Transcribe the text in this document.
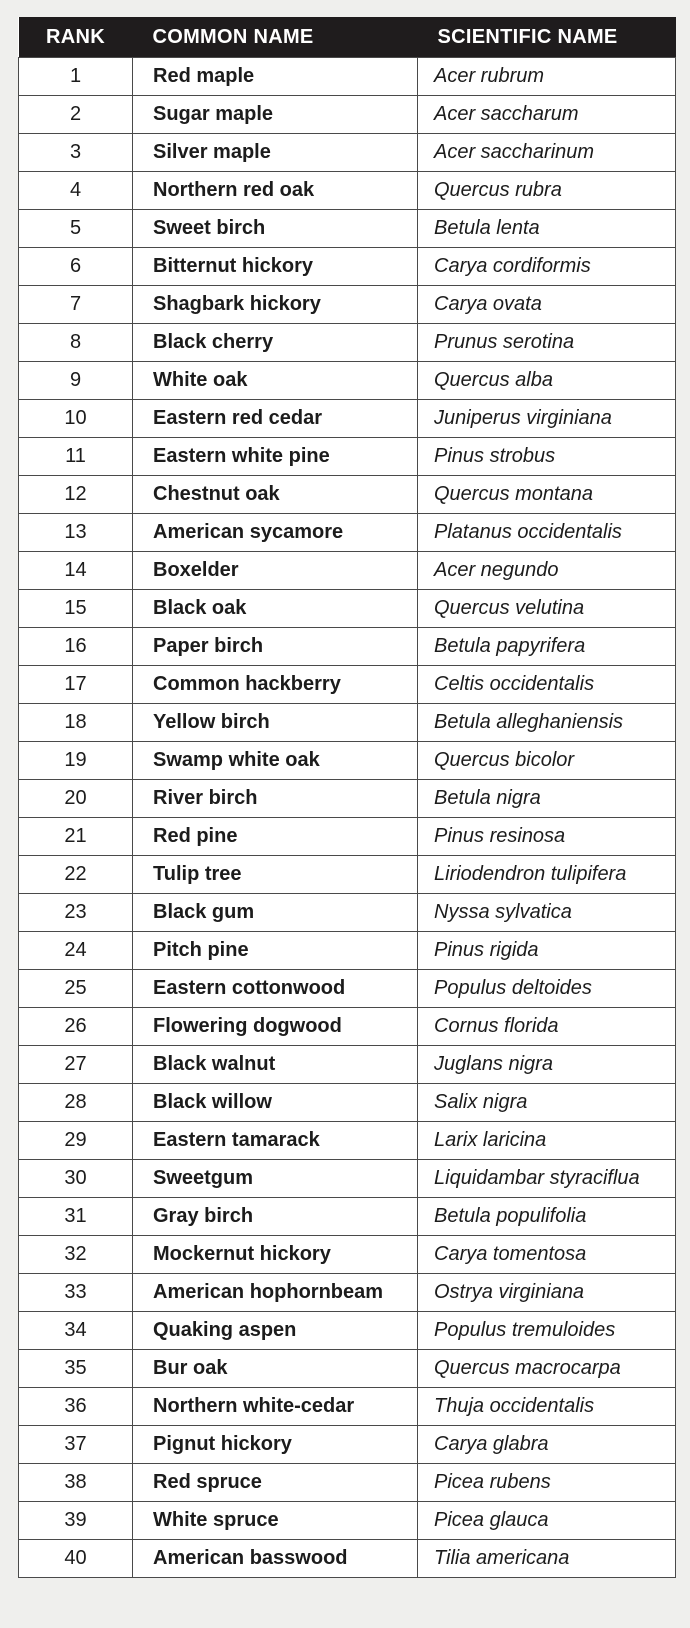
RANK	COMMON NAME	SCIENTIFIC NAME
1	Red maple	Acer rubrum
2	Sugar maple	Acer saccharum
3	Silver maple	Acer saccharinum
4	Northern red oak	Quercus rubra
5	Sweet birch	Betula lenta
6	Bitternut hickory	Carya cordiformis
7	Shagbark hickory	Carya ovata
8	Black cherry	Prunus serotina
9	White oak	Quercus alba
10	Eastern red cedar	Juniperus virginiana
11	Eastern white pine	Pinus strobus
12	Chestnut oak	Quercus montana
13	American sycamore	Platanus occidentalis
14	Boxelder	Acer negundo
15	Black oak	Quercus velutina
16	Paper birch	Betula papyrifera
17	Common hackberry	Celtis occidentalis
18	Yellow birch	Betula alleghaniensis
19	Swamp white oak	Quercus bicolor
20	River birch	Betula nigra
21	Red pine	Pinus resinosa
22	Tulip tree	Liriodendron tulipifera
23	Black gum	Nyssa sylvatica
24	Pitch pine	Pinus rigida
25	Eastern cottonwood	Populus deltoides
26	Flowering dogwood	Cornus florida
27	Black walnut	Juglans nigra
28	Black willow	Salix nigra
29	Eastern tamarack	Larix laricina
30	Sweetgum	Liquidambar styraciflua
31	Gray birch	Betula populifolia
32	Mockernut hickory	Carya tomentosa
33	American hophornbeam	Ostrya virginiana
34	Quaking aspen	Populus tremuloides
35	Bur oak	Quercus macrocarpa
36	Northern white-cedar	Thuja occidentalis
37	Pignut hickory	Carya glabra
38	Red spruce	Picea rubens
39	White spruce	Picea glauca
40	American basswood	Tilia americana
